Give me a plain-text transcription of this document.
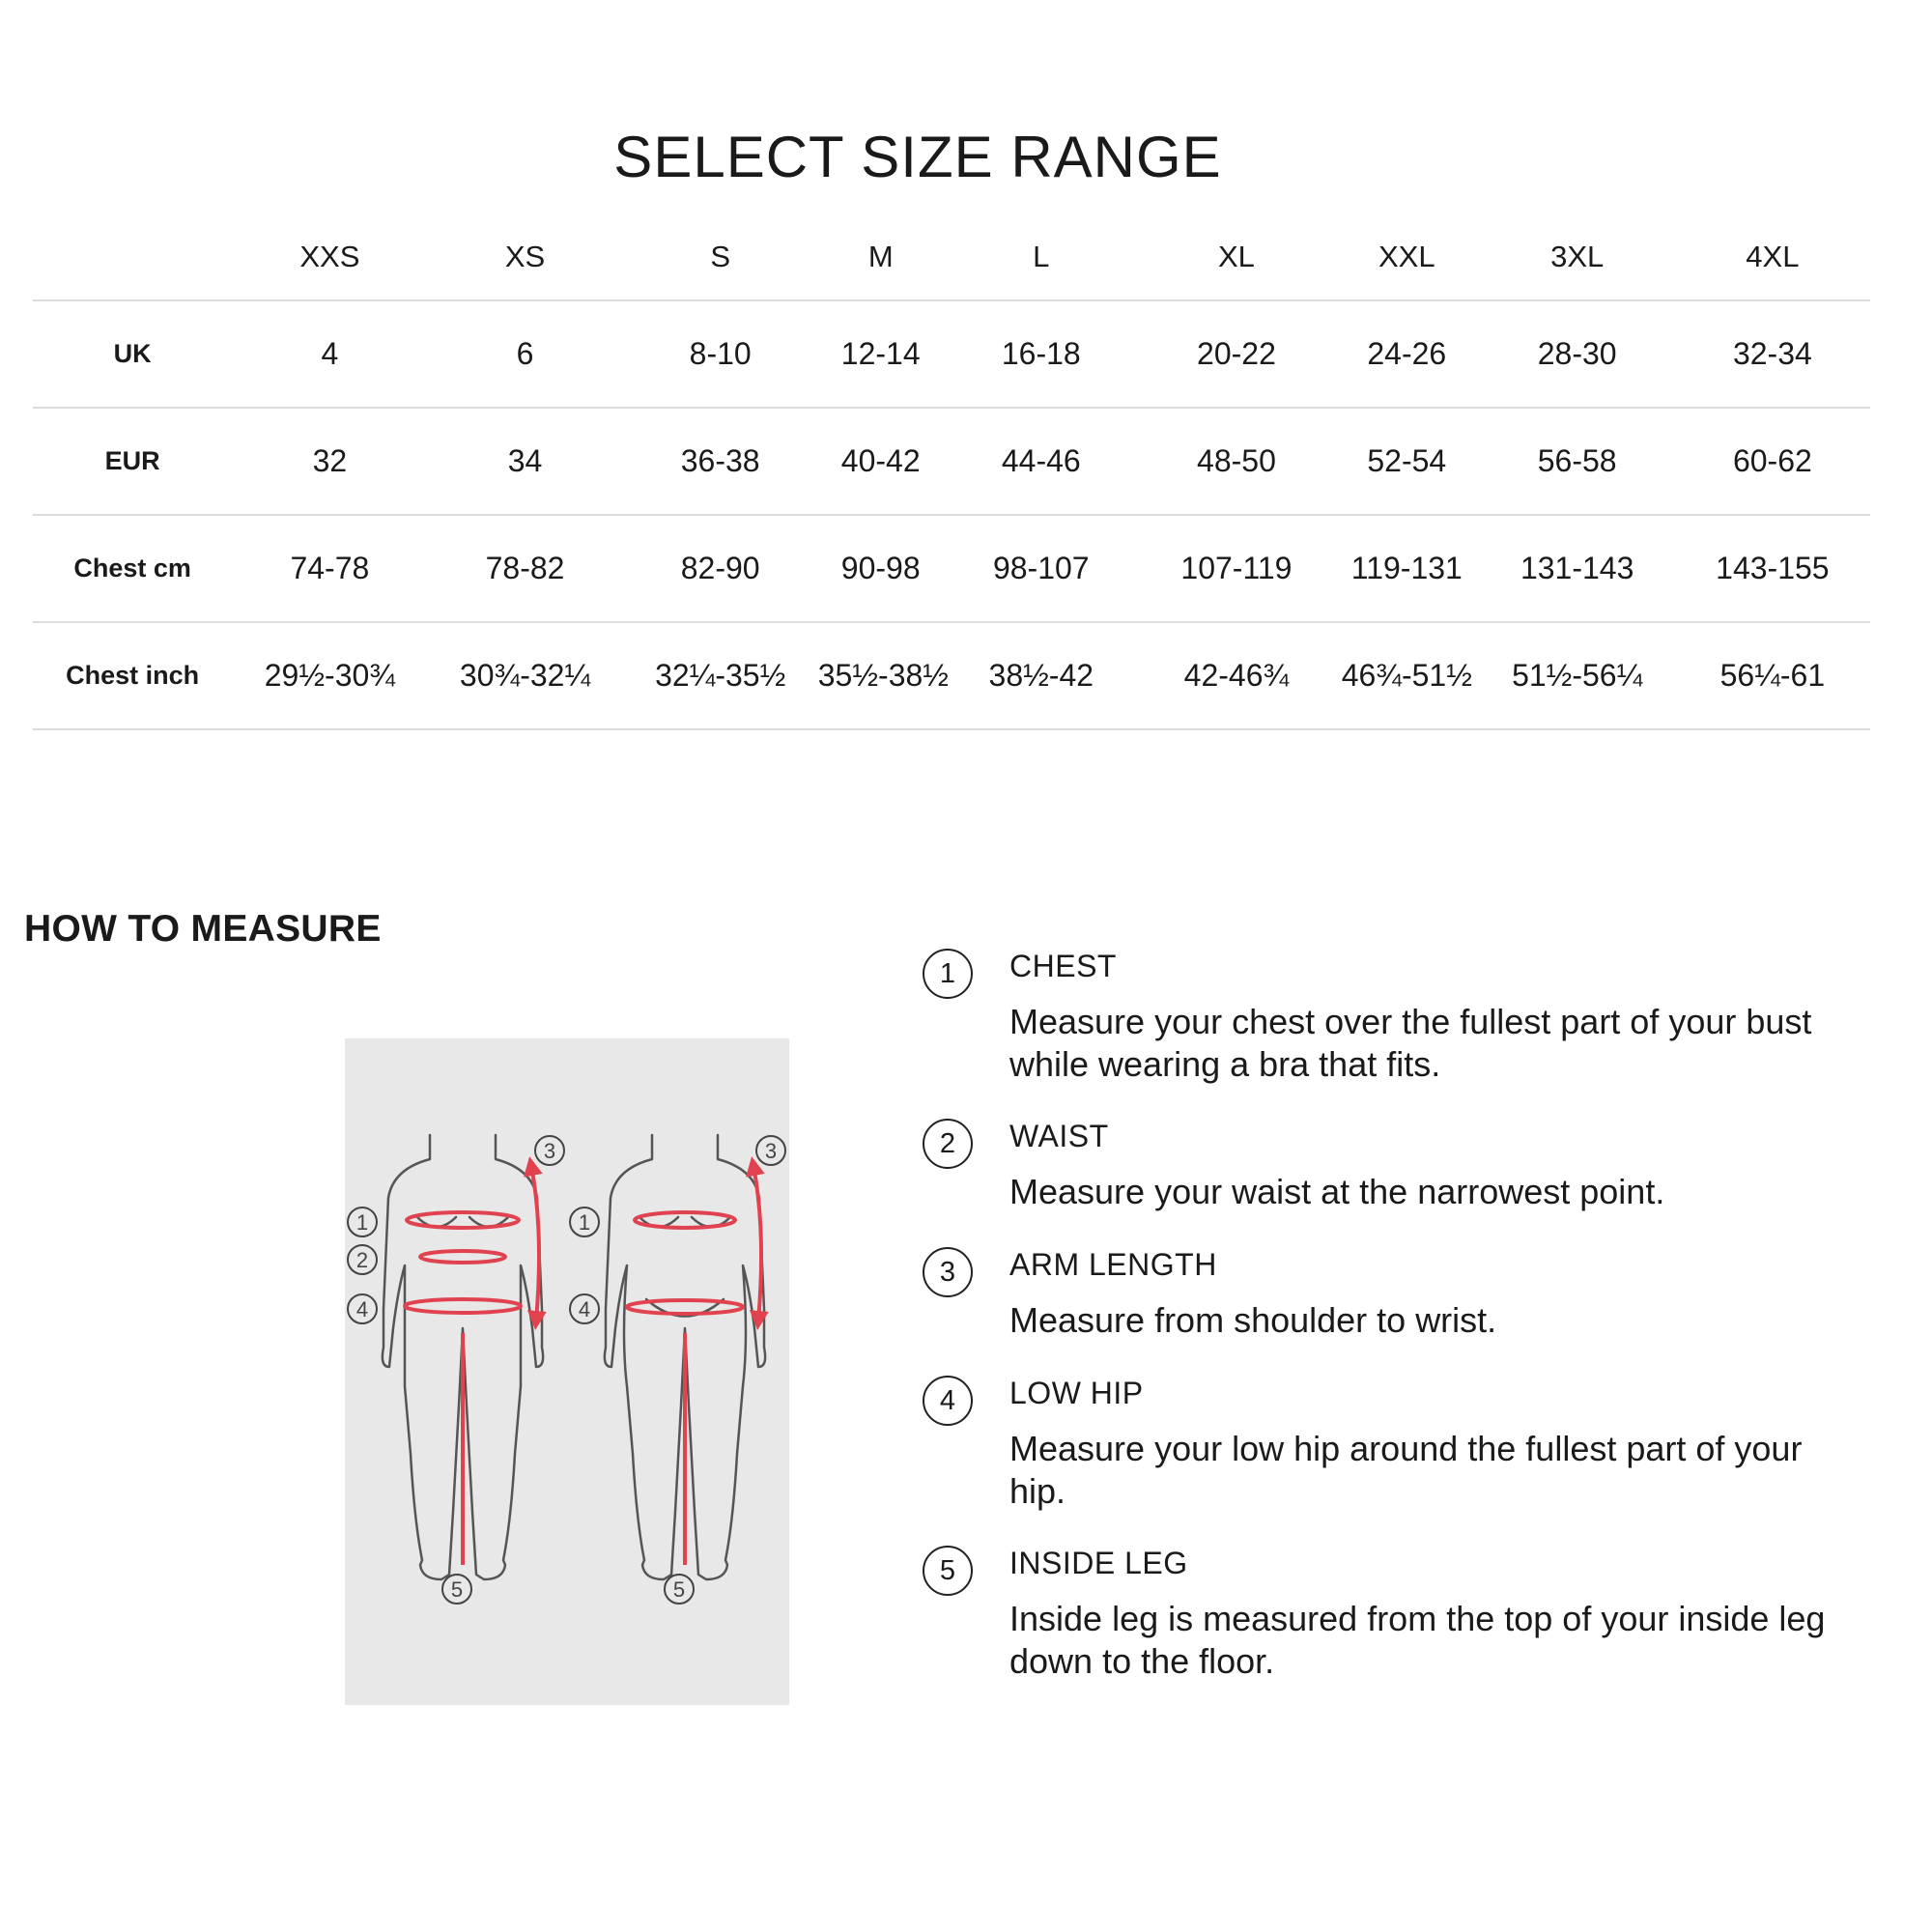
SELECT SIZE RANGE
	XXS	XS	S	M	L	XL	XXL	3XL	4XL
UK	4	6	8-10	12-14	16-18	20-22	24-26	28-30	32-34
EUR	32	34	36-38	40-42	44-46	48-50	52-54	56-58	60-62
Chest cm	74-78	78-82	82-90	90-98	98-107	107-119	119-131	131-143	143-155
Chest inch	29½-30¾	30¾-32¼	32¼-35½	35½-38½	38½-42	42-46¾	46¾-51½	51½-56¼	56¼-61
HOW TO MEASURE
1
2
4
3
5
1
4
3
5
1	CHEST
Measure your chest over the fullest part of your bust while wearing a bra that fits.
2	WAIST
Measure your waist at the narrowest point.
3	ARM LENGTH
Measure from shoulder to wrist.
4	LOW HIP
Measure your low hip around the fullest part of your hip.
5	INSIDE LEG
Inside leg is measured from the top of your inside leg down to the floor.
